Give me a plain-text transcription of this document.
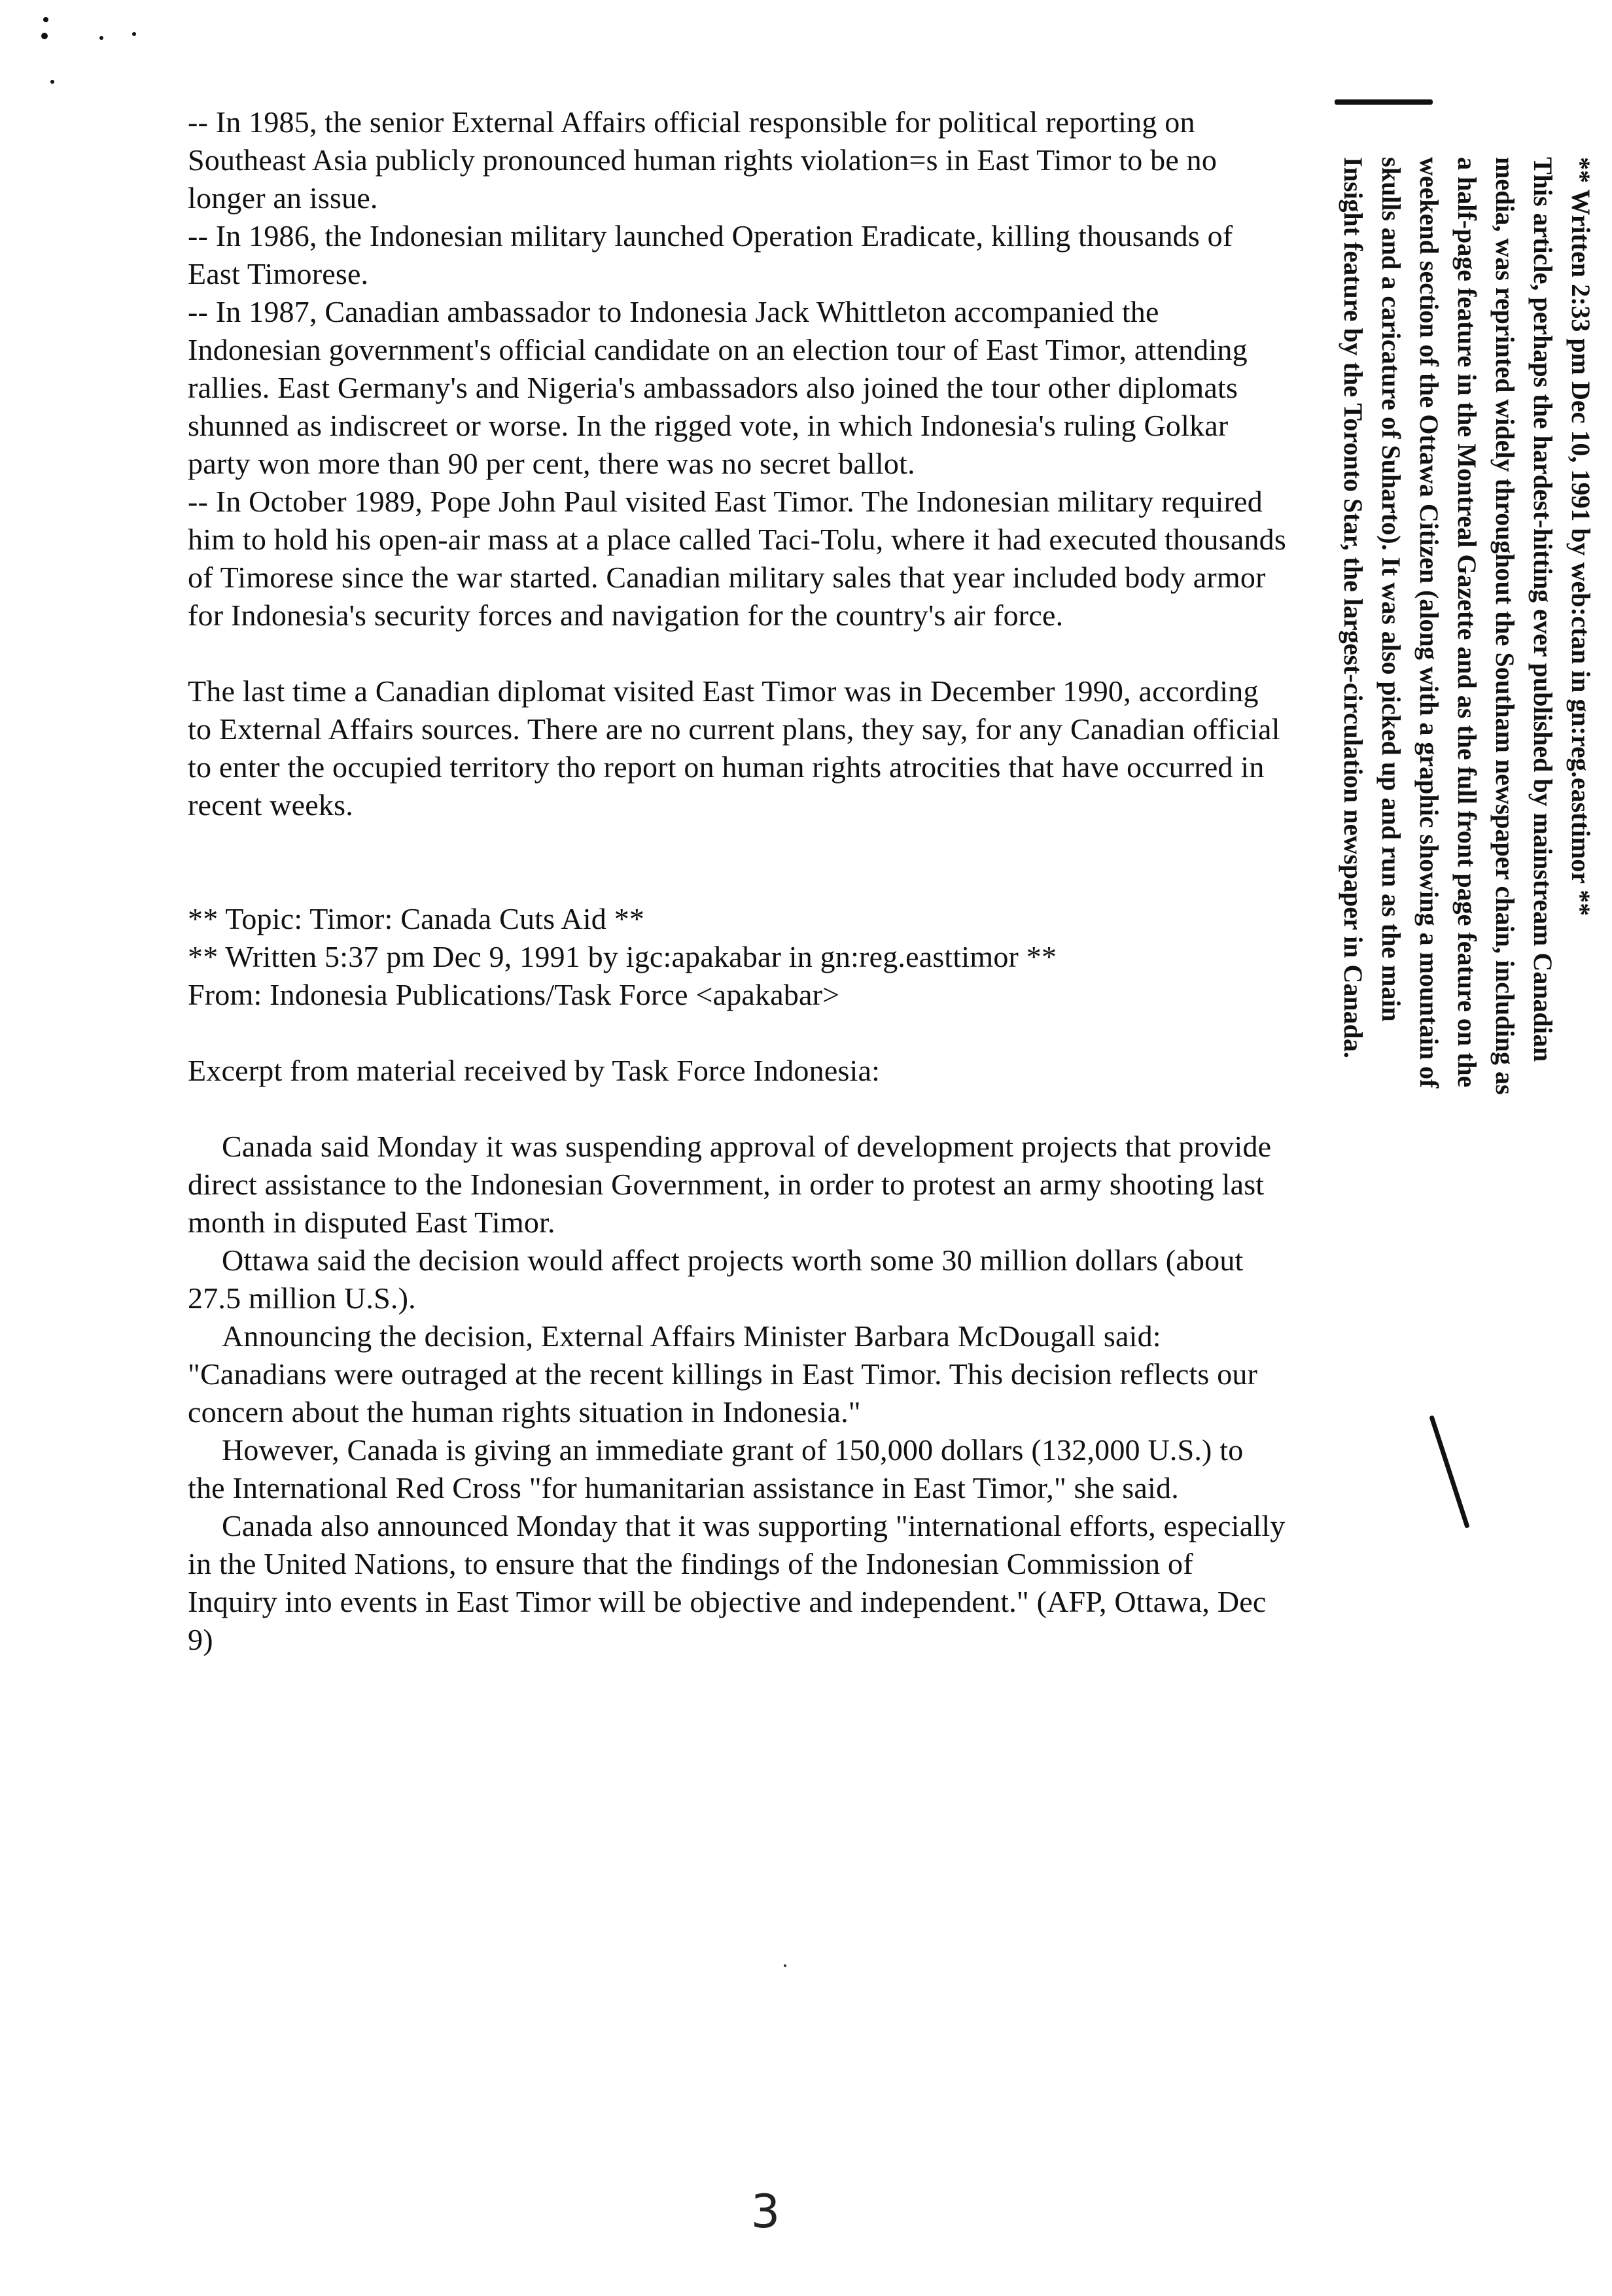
-- In 1985, the senior External Affairs official responsible for political reporting on Southeast Asia publicly pronounced human rights violation=s in East Timor to be no longer an issue.

-- In 1986, the Indonesian military launched Operation Eradicate, killing thousands of East Timorese.

-- In 1987, Canadian ambassador to Indonesia Jack Whittleton accompanied the Indonesian government's official candidate on an election tour of East Timor, attending rallies. East Germany's and Nigeria's ambassadors also joined the tour other diplomats shunned as indiscreet or worse. In the rigged vote, in which Indonesia's ruling Golkar party won more than 90 per cent, there was no secret ballot.

-- In October 1989, Pope John Paul visited East Timor. The Indonesian military required him to hold his open-air mass at a place called Taci-Tolu, where it had executed thousands of Timorese since the war started. Canadian military sales that year included body armor for Indonesia's security forces and navigation for the country's air force.

The last time a Canadian diplomat visited East Timor was in December 1990, according to External Affairs sources. There are no current plans, they say, for any Canadian official to enter the occupied territory tho report on human rights atrocities that have occurred in recent weeks.

** Topic: Timor: Canada Cuts Aid **

** Written 5:37 pm Dec 9, 1991 by igc:apakabar in gn:reg.easttimor **

From: Indonesia Publications/Task Force <apakabar>

Excerpt from material received by Task Force Indonesia:

Canada said Monday it was suspending approval of development projects that provide direct assistance to the Indonesian Government, in order to protest an army shooting last month in disputed East Timor.

Ottawa said the decision would affect projects worth some 30 million dollars (about 27.5 million U.S.).

Announcing the decision, External Affairs Minister Barbara McDougall said: "Canadians were outraged at the recent killings in East Timor. This decision reflects our concern about the human rights situation in Indonesia."

However, Canada is giving an immediate grant of 150,000 dollars (132,000 U.S.) to the International Red Cross "for humanitarian assistance in East Timor," she said.

Canada also announced Monday that it was supporting "international efforts, especially in the United Nations, to ensure that the findings of the Indonesian Commission of Inquiry into events in East Timor will be objective and independent." (AFP, Ottawa, Dec 9)

** Written 2:33 pm Dec 10, 1991 by web:ctan in gn:reg.easttimor **

This article, perhaps the hardest-hitting ever published by mainstream Canadian media, was reprinted widely throughout the Southam newspaper chain, including as a half-page feature in the Montreal Gazette and as the full front page feature on the weekend section of the Ottawa Citizen (along with a graphic showing a mountain of skulls and a caricature of Suharto). It was also picked up and run as the main Insight feature by the Toronto Star, the largest-circulation newspaper in Canada.

3
